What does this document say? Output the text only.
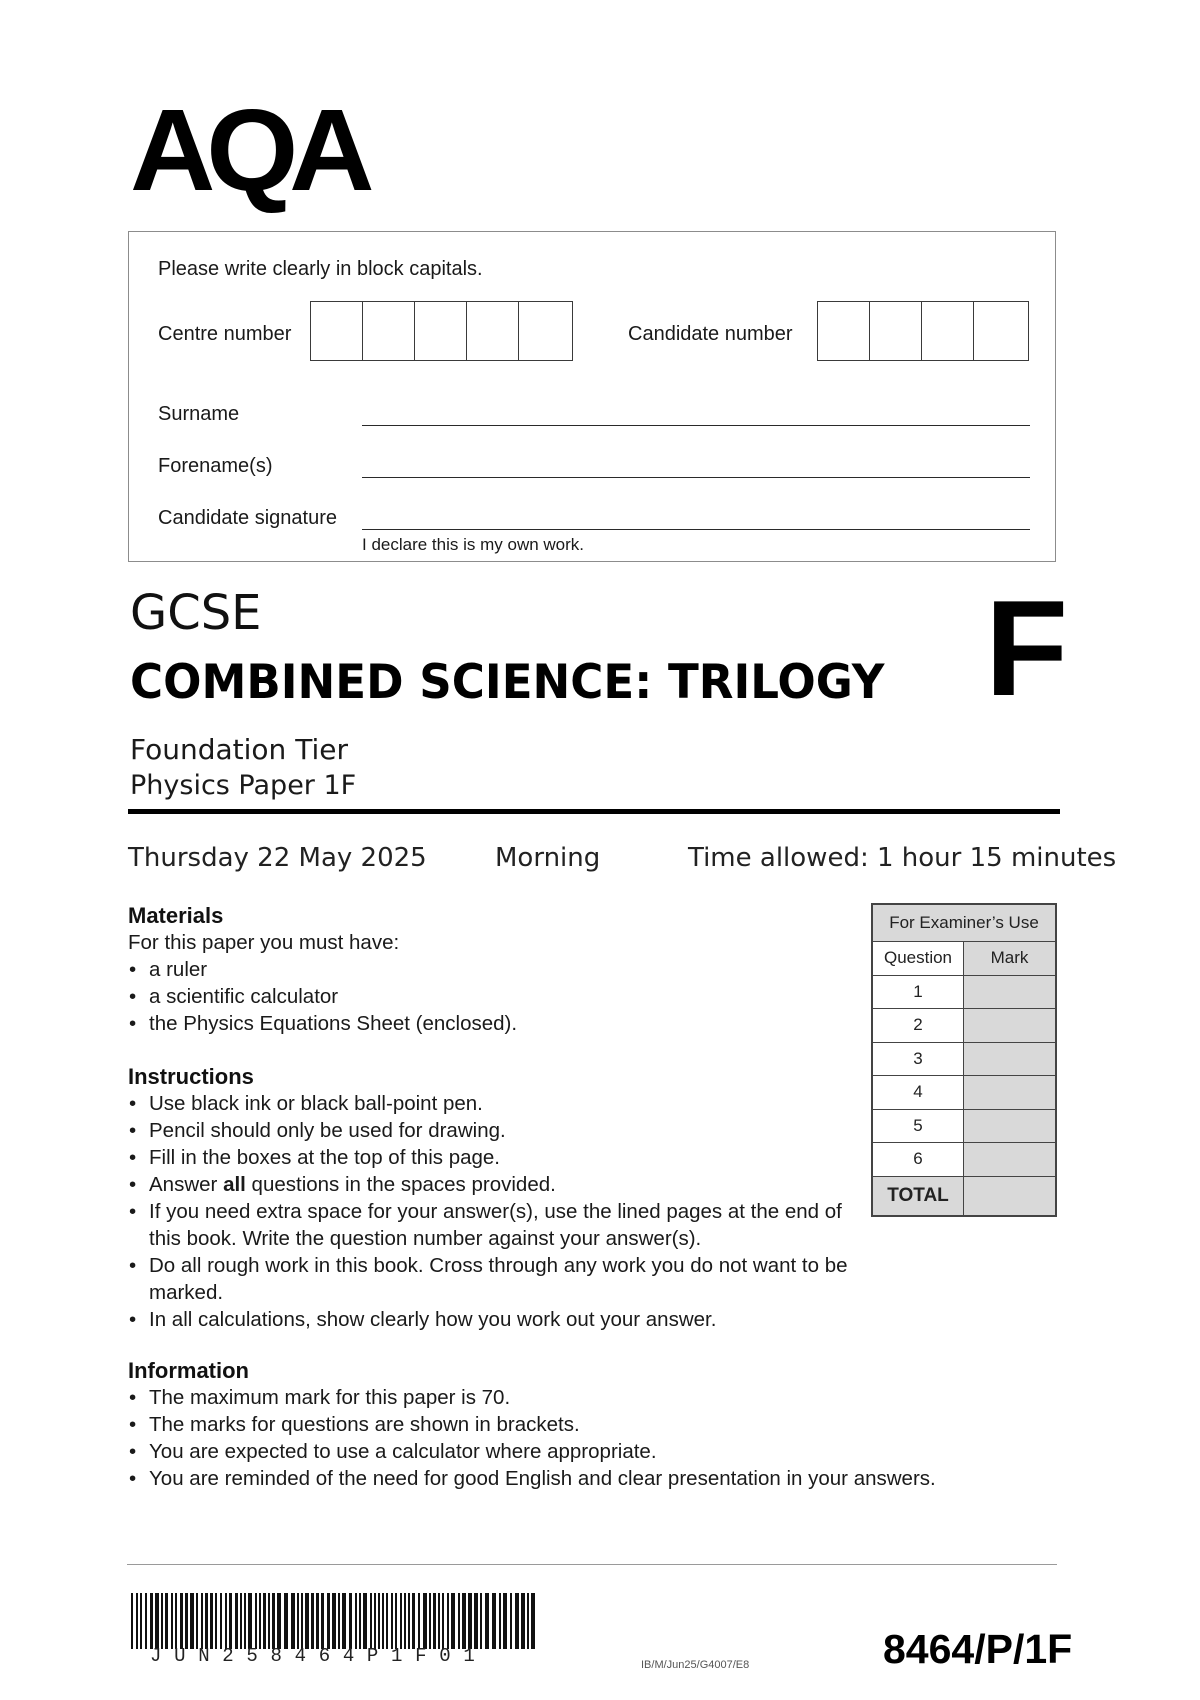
AQA
Please write clearly in block capitals.
Centre number	Candidate number
Surname
Forename(s)
Candidate signature
I declare this is my own work.
GCSE
COMBINED SCIENCE: TRILOGY F
Foundation Tier
Physics Paper 1F
Thursday 22 May 2025	Morning	Time allowed: 1 hour 15 minutes
Materials
For this paper you must have:
• a ruler
• a scientific calculator
• the Physics Equations Sheet (enclosed).
Instructions
• Use black ink or black ball-point pen.
• Pencil should only be used for drawing.
• Fill in the boxes at the top of this page.
• Answer all questions in the spaces provided.
• If you need extra space for your answer(s), use the lined pages at the end of this book. Write the question number against your answer(s).
• Do all rough work in this book. Cross through any work you do not want to be marked.
• In all calculations, show clearly how you work out your answer.
Information
• The maximum mark for this paper is 70.
• The marks for questions are shown in brackets.
• You are expected to use a calculator where appropriate.
• You are reminded of the need for good English and clear presentation in your answers.
For Examiner’s Use	
Question	Mark
1	
2	
3	
4	
5	
6	
TOTAL	
JUN258464P1F01	IB/M/Jun25/G4007/E8	8464/P/1F
